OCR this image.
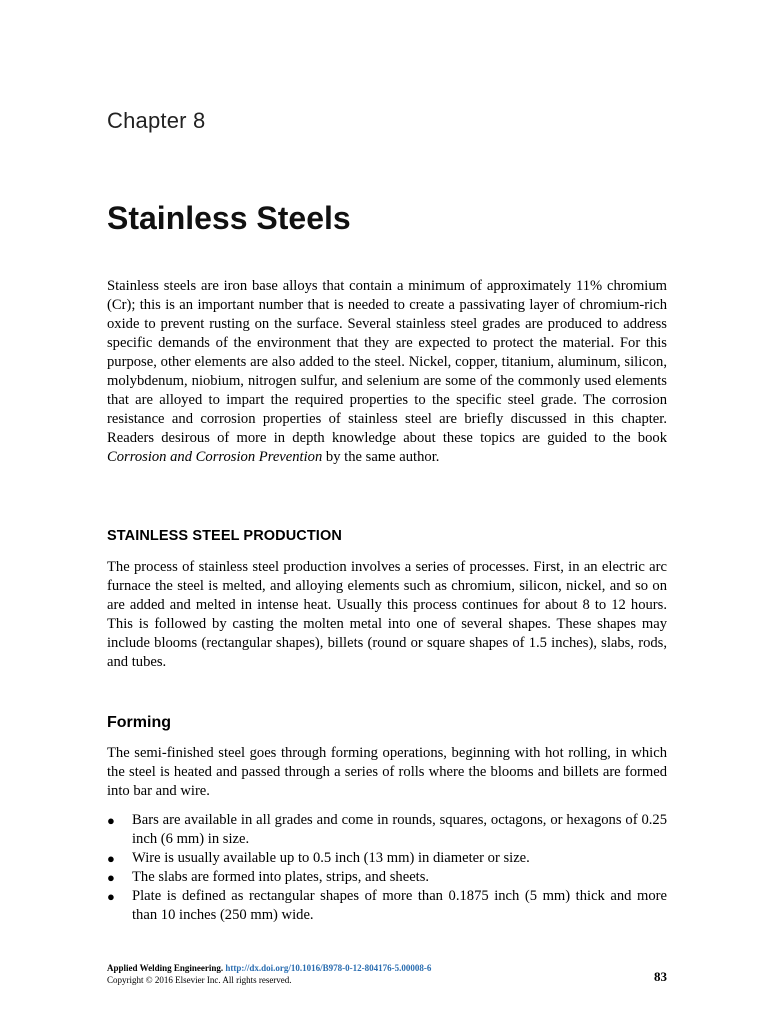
Chapter 8
Stainless Steels

Stainless steels are iron base alloys that contain a minimum of approximately 11% chromium (Cr); this is an important number that is needed to create a passivating layer of chromium-rich oxide to prevent rusting on the surface. Several stainless steel grades are produced to address specific demands of the environment that they are expected to protect the material. For this purpose, other elements are also added to the steel. Nickel, copper, titanium, aluminum, silicon, molybdenum, niobium, nitrogen sulfur, and selenium are some of the commonly used elements that are alloyed to impart the required properties to the specific steel grade. The corrosion resistance and corrosion properties of stainless steel are briefly discussed in this chapter. Readers desirous of more in depth knowledge about these topics are guided to the book Corrosion and Corrosion Prevention by the same author.

STAINLESS STEEL PRODUCTION

The process of stainless steel production involves a series of processes. First, in an electric arc furnace the steel is melted, and alloying elements such as chromium, silicon, nickel, and so on are added and melted in intense heat. Usually this process continues for about 8 to 12 hours. This is followed by casting the molten metal into one of several shapes. These shapes may include blooms (rectangular shapes), billets (round or square shapes of 1.5 inches), slabs, rods, and tubes.

Forming

The semi-finished steel goes through forming operations, beginning with hot rolling, in which the steel is heated and passed through a series of rolls where the blooms and billets are formed into bar and wire.

● Bars are available in all grades and come in rounds, squares, octagons, or hexagons of 0.25 inch (6 mm) in size.
● Wire is usually available up to 0.5 inch (13 mm) in diameter or size.
● The slabs are formed into plates, strips, and sheets.
● Plate is defined as rectangular shapes of more than 0.1875 inch (5 mm) thick and more than 10 inches (250 mm) wide.
Applied Welding Engineering. http://dx.doi.org/10.1016/B978-0-12-804176-5.00008-6
Copyright © 2016 Elsevier Inc. All rights reserved.	83
